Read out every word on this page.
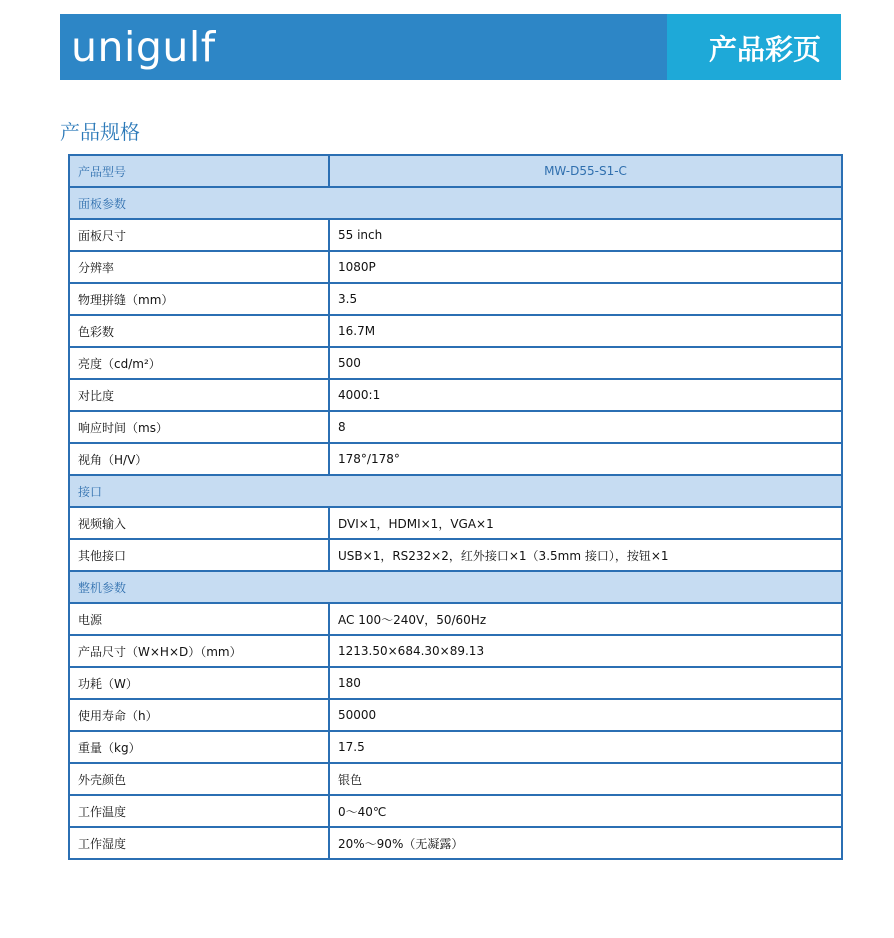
unigulf	产品彩页
产品规格
产品型号	MW-D55-S1-C
面板参数	
面板尺寸	55 inch
分辨率	1080P
物理拼缝（mm）	3.5
色彩数	16.7M
亮度（cd/m²）	500
对比度	4000:1
响应时间（ms）	8
视角（H/V）	178°/178°
接口	
视频输入	DVI×1，HDMI×1，VGA×1
其他接口	USB×1，RS232×2，红外接口×1（3.5mm 接口），按钮×1
整机参数	
电源	AC 100～240V，50/60Hz
产品尺寸（W×H×D）（mm）	1213.50×684.30×89.13
功耗（W）	180
使用寿命（h）	50000
重量（kg）	17.5
外壳颜色	银色
工作温度	0～40℃
工作湿度	20%～90%（无凝露）
